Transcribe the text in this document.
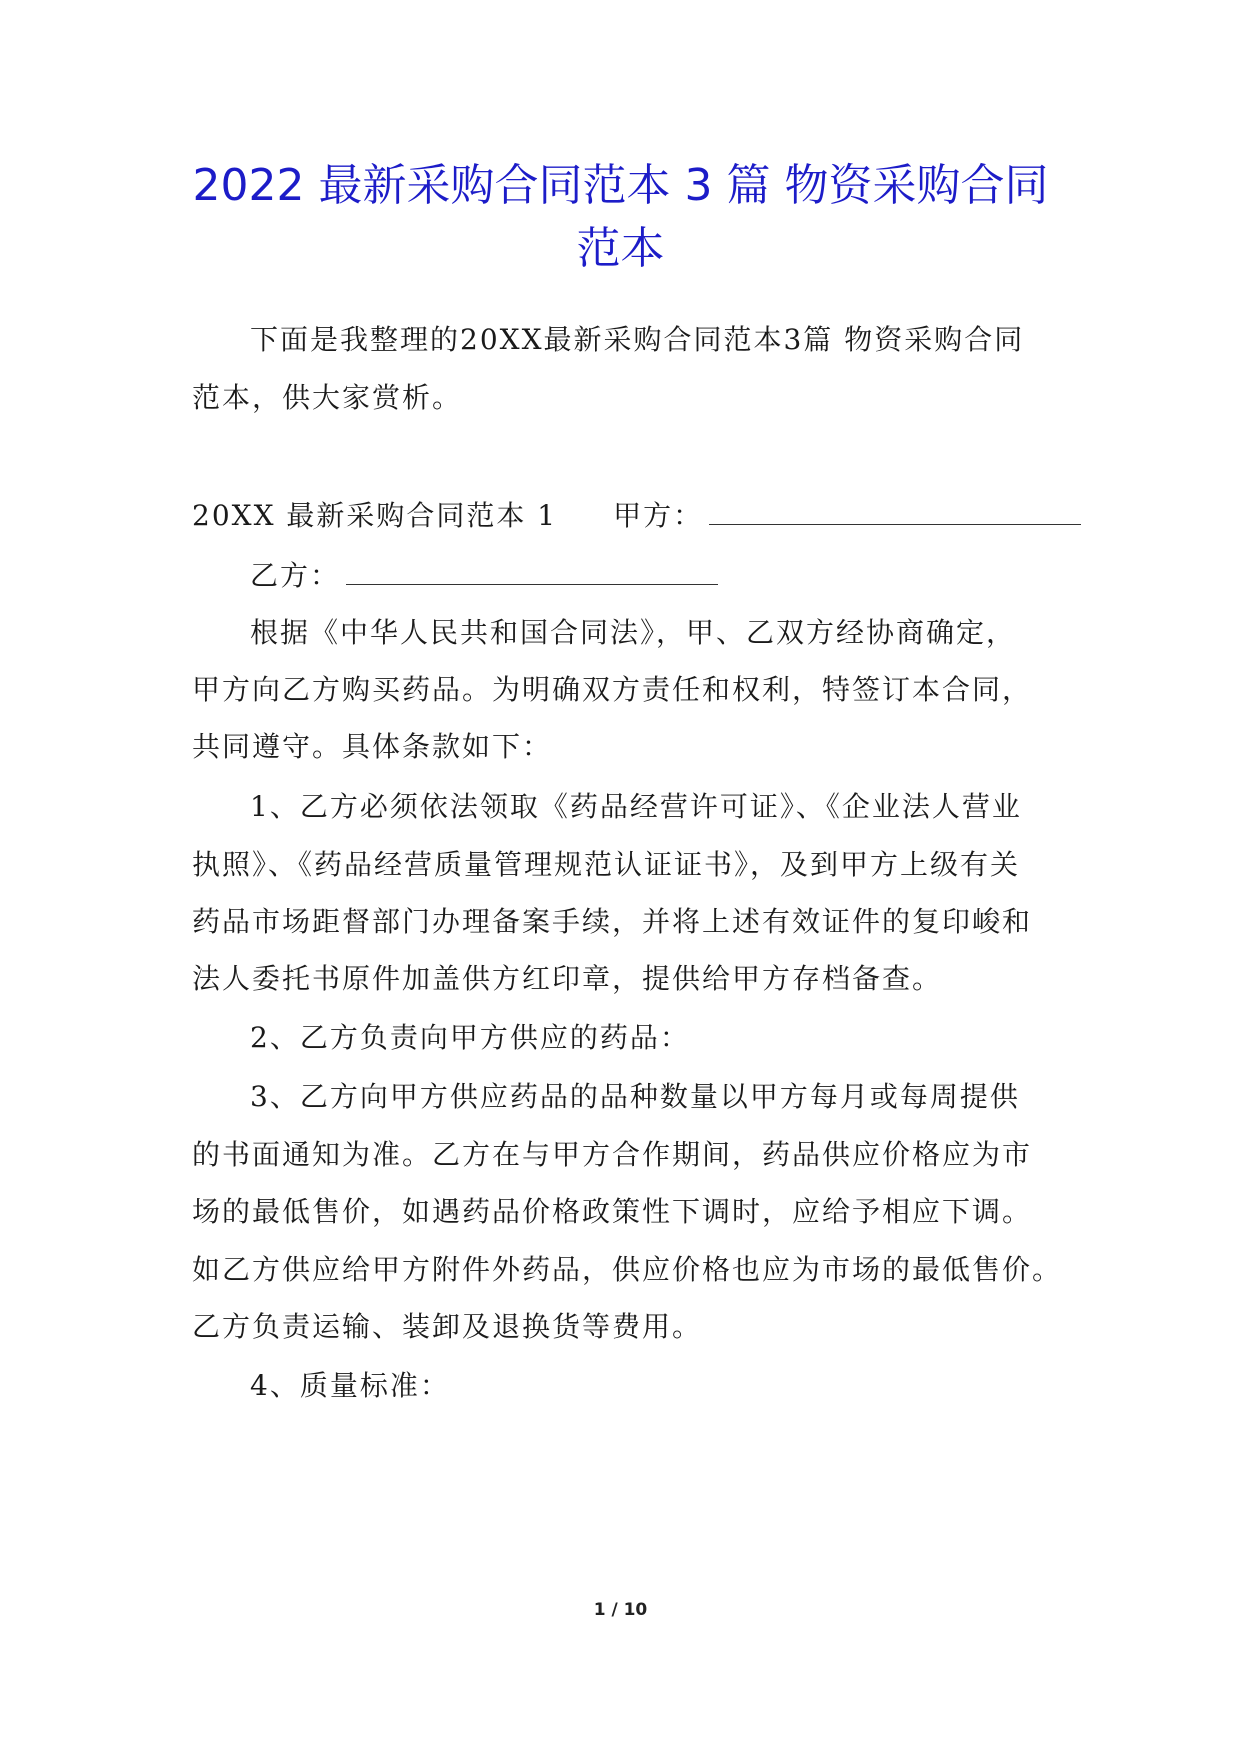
2022 最新采购合同范本 3 篇 物资采购合同
范本
下面是我整理的20XX最新采购合同范本3篇 物资采购合同
范本，供大家赏析。
20XX 最新采购合同范本 1 甲方：
乙方：
根据《中华人民共和国合同法》，甲、乙双方经协商确定，
甲方向乙方购买药品。为明确双方责任和权利，特签订本合同，
共同遵守。具体条款如下：
1、乙方必须依法领取《药品经营许可证》、《企业法人营业
执照》、《药品经营质量管理规范认证证书》，及到甲方上级有关
药品市场距督部门办理备案手续，并将上述有效证件的复印峻和
法人委托书原件加盖供方红印章，提供给甲方存档备查。
2、乙方负责向甲方供应的药品：
3、乙方向甲方供应药品的品种数量以甲方每月或每周提供
的书面通知为准。乙方在与甲方合作期间，药品供应价格应为市
场的最低售价，如遇药品价格政策性下调时，应给予相应下调。
如乙方供应给甲方附件外药品，供应价格也应为市场的最低售价。
乙方负责运输、装卸及退换货等费用。
4、质量标准：
1 / 10
